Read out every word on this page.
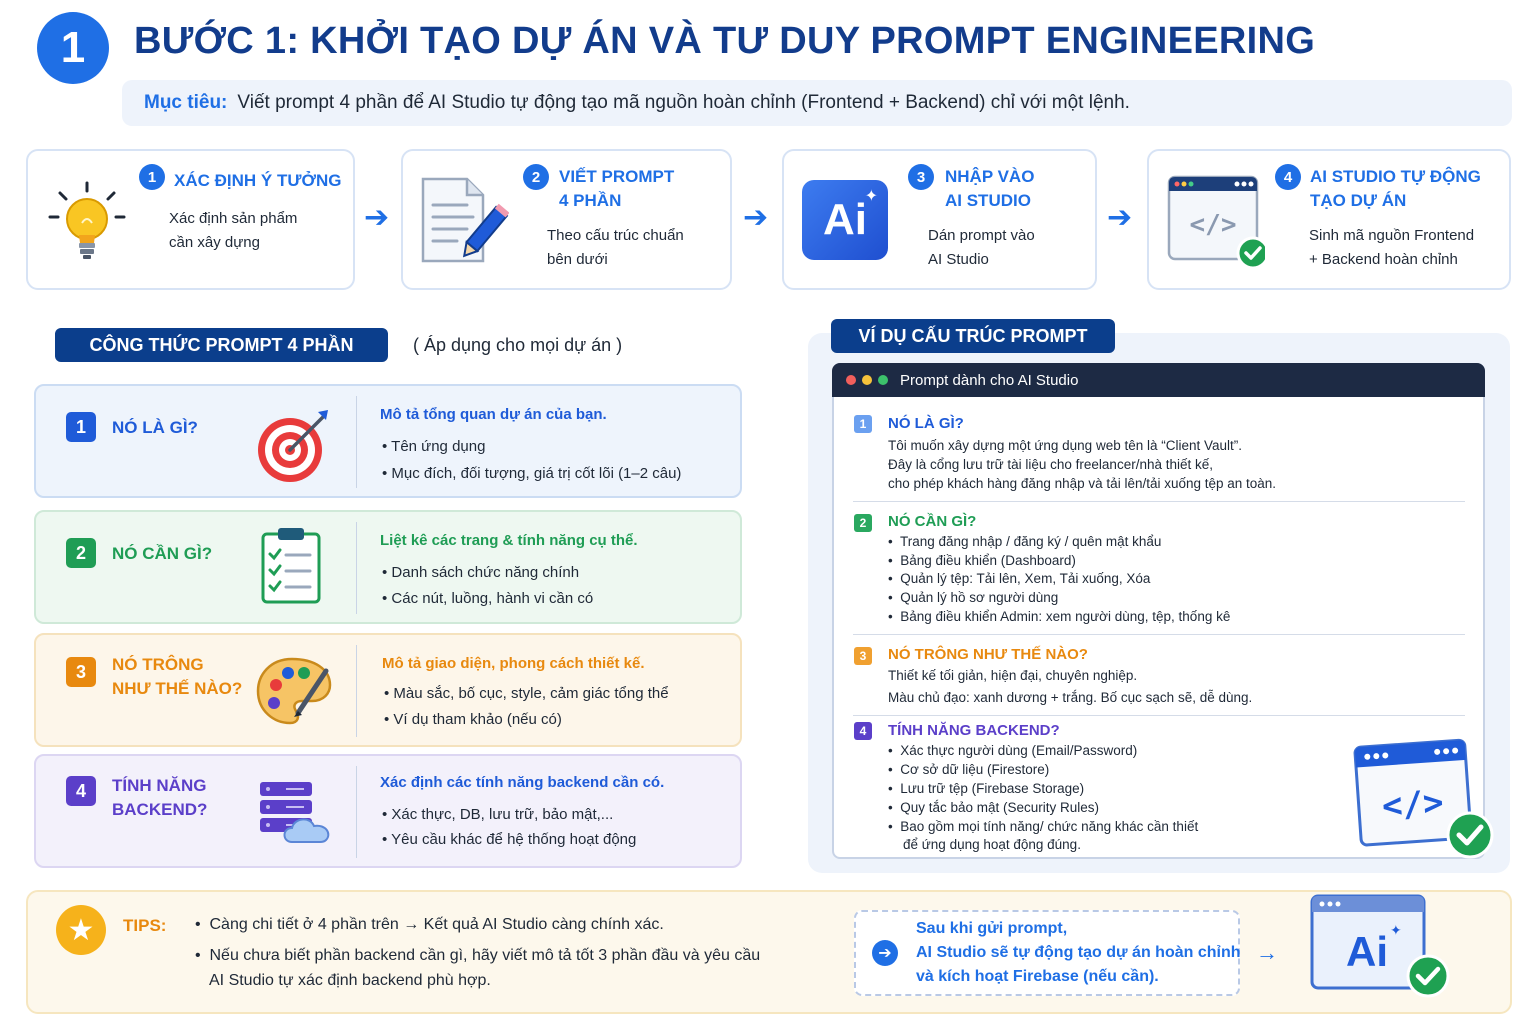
1	BƯỚC 1: KHỞI TẠO DỰ ÁN VÀ TƯ DUY PROMPT ENGINEERING
Mục tiêu: Viết prompt 4 phần để AI Studio tự động tạo mã nguồn hoàn chỉnh (Frontend + Backend) chỉ với một lệnh.
1	XÁC ĐỊNH Ý TƯỞNG
Xác định sản phẩm
cần xây dựng
➔
2	VIẾT PROMPT
4 PHẦN
Theo cấu trúc chuẩn
bên dưới
➔ Ai
✦
3	NHẬP VÀO
AI STUDIO
Dán prompt vào
AI Studio
➔ </>
4	AI STUDIO TỰ ĐỘNG
TẠO DỰ ÁN
Sinh mã nguồn Frontend
+ Backend hoàn chỉnh
CÔNG THỨC PROMPT 4 PHẦN	( Áp dụng cho mọi dự án )
1	NÓ LÀ GÌ?
Mô tả tổng quan dự án của bạn.
• Tên ứng dụng
• Mục đích, đối tượng, giá trị cốt lõi (1–2 câu)
2	NÓ CẦN GÌ?
Liệt kê các trang & tính năng cụ thể.
• Danh sách chức năng chính
• Các nút, luồng, hành vi cần có
3	NÓ TRÔNG
NHƯ THẾ NÀO?
Mô tả giao diện, phong cách thiết kế.
• Màu sắc, bố cục, style, cảm giác tổng thể
• Ví dụ tham khảo (nếu có)
4	TÍNH NĂNG
BACKEND?
Xác định các tính năng backend cần có.
• Xác thực, DB, lưu trữ, bảo mật,...
• Yêu cầu khác để hệ thống hoạt động
VÍ DỤ CẤU TRÚC PROMPT
Prompt dành cho AI Studio
1	NÓ LÀ GÌ?
Tôi muốn xây dựng một ứng dụng web tên là “Client Vault”.
Đây là cổng lưu trữ tài liệu cho freelancer/nhà thiết kế,
cho phép khách hàng đăng nhập và tải lên/tải xuống tệp an toàn.
2	NÓ CẦN GÌ?
•  Trang đăng nhập / đăng ký / quên mật khẩu
•  Bảng điều khiển (Dashboard)
•  Quản lý tệp: Tải lên, Xem, Tải xuống, Xóa
•  Quản lý hồ sơ người dùng
•  Bảng điều khiển Admin: xem người dùng, tệp, thống kê
3	NÓ TRÔNG NHƯ THẾ NÀO?
Thiết kế tối giản, hiện đại, chuyên nghiệp.
Màu chủ đạo: xanh dương + trắng. Bố cục sạch sẽ, dễ dùng.
4	TÍNH NĂNG BACKEND?
•  Xác thực người dùng (Email/Password)
•  Cơ sở dữ liệu (Firestore)
•  Lưu trữ tệp (Firebase Storage)
•  Quy tắc bảo mật (Security Rules)
•  Bao gồm mọi tính năng/ chức năng khác cần thiết
để ứng dụng hoạt động đúng.
</>
★	TIPS: •  Càng chi tiết ở 4 phần trên → Kết quả AI Studio càng chính xác.
•  Nếu chưa biết phần backend cần gì, hãy viết mô tả tốt 3 phần đầu và yêu cầu
AI Studio tự xác định backend phù hợp.
➔
Sau khi gửi prompt,
AI Studio sẽ tự động tạo dự án hoàn chỉnh
và kích hoạt Firebase (nếu cần).
→ Ai ✦
